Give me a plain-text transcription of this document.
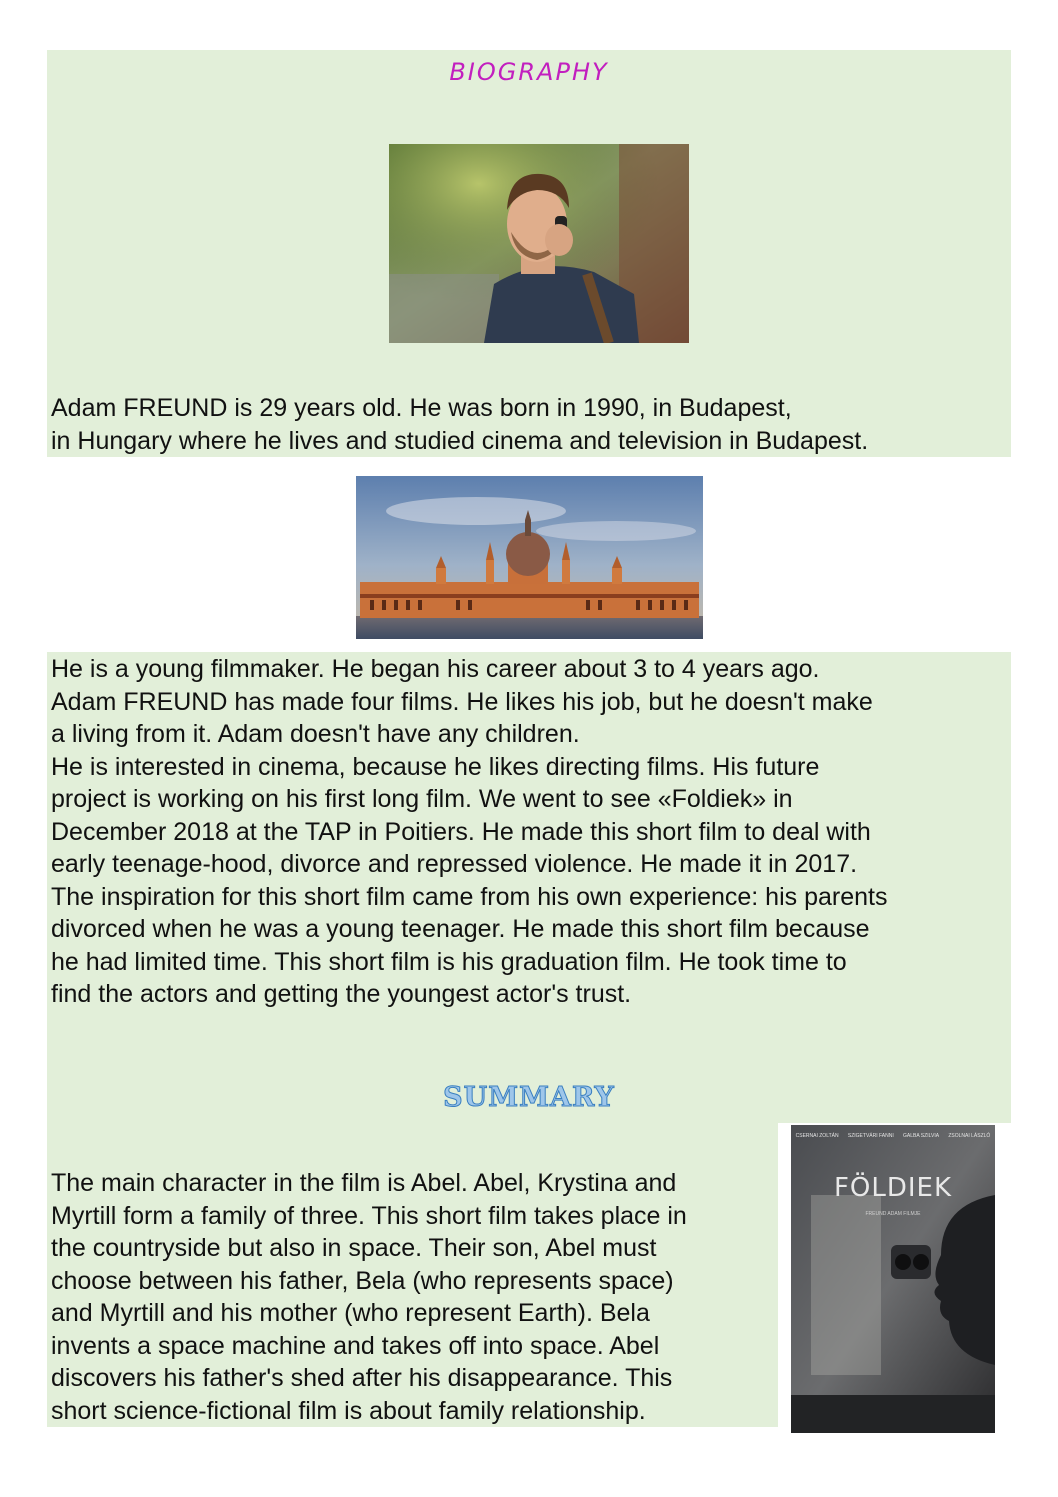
BIOGRAPHY
Adam FREUND is 29 years old. He was born in 1990, in Budapest,
in Hungary where he lives and studied cinema and television in Budapest.
He is a young filmmaker. He began his career about 3 to 4 years ago.
Adam FREUND has made four films. He likes his job, but he doesn't make
a living from it. Adam doesn't have any children.
He is interested in cinema, because he likes directing films. His future
project is working on his first long film. We went to see «Foldiek» in
December 2018 at the TAP in Poitiers. He made this short film to deal with
early teenage-hood, divorce and repressed violence. He made it in 2017.
The inspiration for this short film came from his own experience: his parents
divorced when he was a young teenager. He made this short film because
he had limited time. This short film is his graduation film. He took time to
find the actors and getting the youngest actor's trust.
SUMMARY
The main character in the film is Abel. Abel, Krystina and
Myrtill form a family of three. This short film takes place in
the countryside but also in space. Their son, Abel must
choose between his father, Bela (who represents space)
and Myrtill and his mother (who represent Earth). Bela
invents a space machine and takes off into space. Abel
discovers his father's shed after his disappearance. This
short science-fictional film is about family relationship.
CSERNAI ZOLTÁN SZIGETVÁRI FANNI GALBA SZILVIA ZSOLNAI LÁSZLÓ
FÖLDIEK
FREUND ADAM FILMJE
